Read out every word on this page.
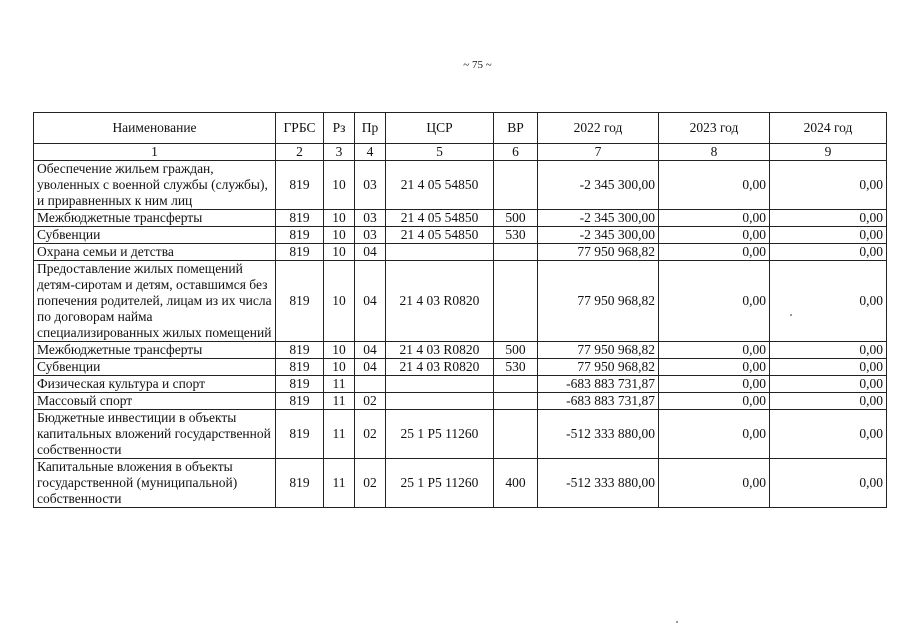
~ 75 ~
Наименование	ГРБС	Рз	Пр	ЦСР	ВР	2022 год	2023 год	2024 год
1	2	3	4	5	6	7	8	9
Обеспечение жильем граждан, уволенных с военной службы (службы), и приравненных к ним лиц	819	10	03	21 4 05 54850		-2 345 300,00	0,00	0,00
Межбюджетные трансферты	819	10	03	21 4 05 54850	500	-2 345 300,00	0,00	0,00
Субвенции	819	10	03	21 4 05 54850	530	-2 345 300,00	0,00	0,00
Охрана семьи и детства	819	10	04			77 950 968,82	0,00	0,00
Предоставление жилых помещений детям-сиротам и детям, оставшимся без попечения родителей, лицам из их числа по договорам найма специализированных жилых помещений	819	10	04	21 4 03 R0820		77 950 968,82	0,00	0,00
Межбюджетные трансферты	819	10	04	21 4 03 R0820	500	77 950 968,82	0,00	0,00
Субвенции	819	10	04	21 4 03 R0820	530	77 950 968,82	0,00	0,00
Физическая культура и спорт	819	11				-683 883 731,87	0,00	0,00
Массовый спорт	819	11	02			-683 883 731,87	0,00	0,00
Бюджетные инвестиции в объекты капитальных вложений государственной собственности	819	11	02	25 1 P5 11260		-512 333 880,00	0,00	0,00
Капитальные вложения в объекты государственной (муниципальной) собственности	819	11	02	25 1 P5 11260	400	-512 333 880,00	0,00	0,00
